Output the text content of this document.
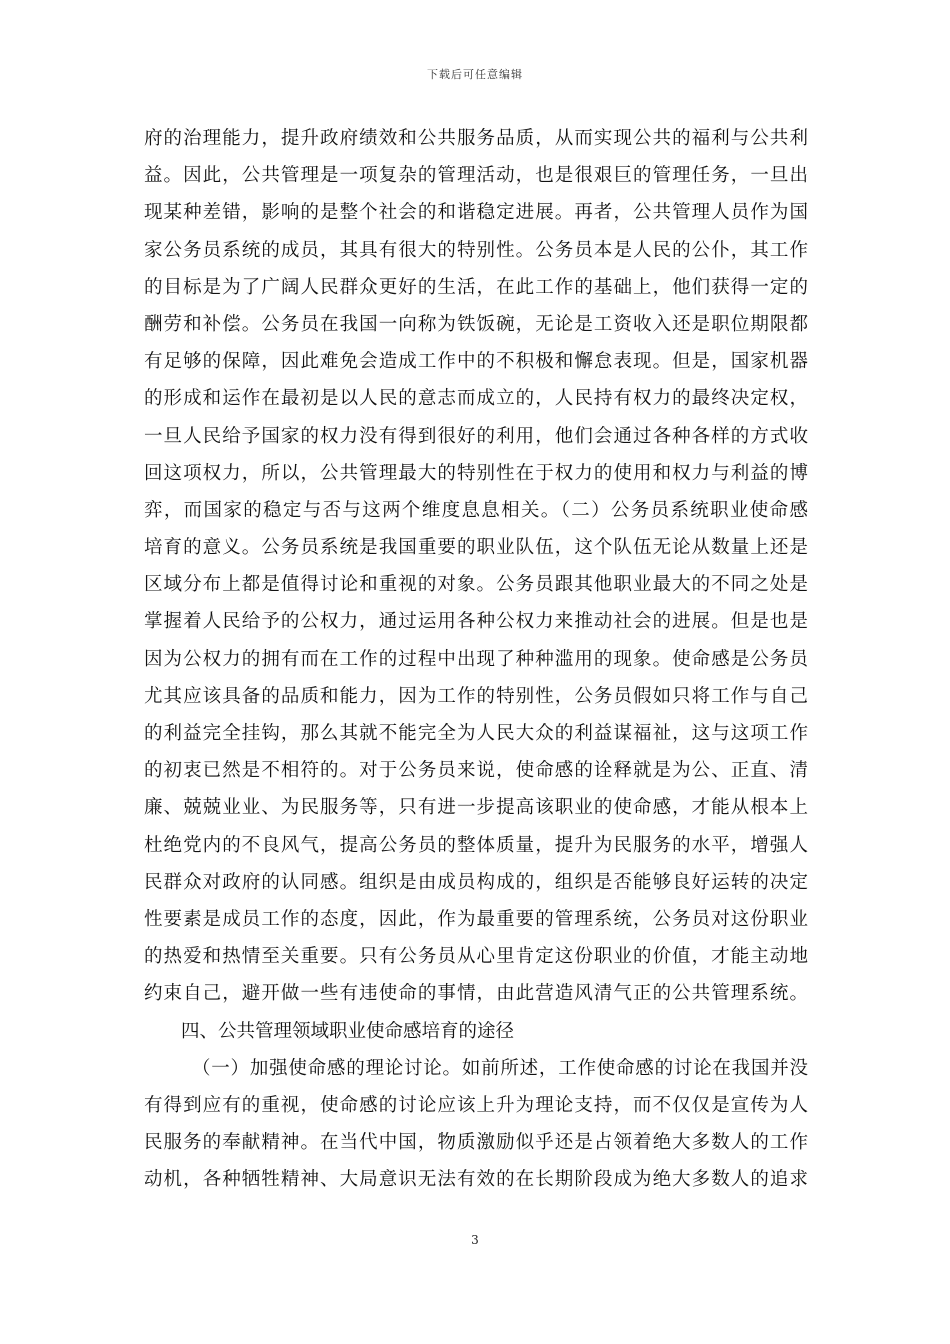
下载后可任意编辑
府的治理能力，提升政府绩效和公共服务品质，从而实现公共的福利与公共利
益。因此，公共管理是一项复杂的管理活动，也是很艰巨的管理任务，一旦出
现某种差错，影响的是整个社会的和谐稳定进展。再者，公共管理人员作为国
家公务员系统的成员，其具有很大的特别性。公务员本是人民的公仆，其工作
的目标是为了广阔人民群众更好的生活，在此工作的基础上，他们获得一定的
酬劳和补偿。公务员在我国一向称为铁饭碗，无论是工资收入还是职位期限都
有足够的保障，因此难免会造成工作中的不积极和懈怠表现。但是，国家机器
的形成和运作在最初是以人民的意志而成立的，人民持有权力的最终决定权，
一旦人民给予国家的权力没有得到很好的利用，他们会通过各种各样的方式收
回这项权力，所以，公共管理最大的特别性在于权力的使用和权力与利益的博
弈，而国家的稳定与否与这两个维度息息相关。（二）公务员系统职业使命感
培育的意义。公务员系统是我国重要的职业队伍，这个队伍无论从数量上还是
区域分布上都是值得讨论和重视的对象。公务员跟其他职业最大的不同之处是
掌握着人民给予的公权力，通过运用各种公权力来推动社会的进展。但是也是
因为公权力的拥有而在工作的过程中出现了种种滥用的现象。使命感是公务员
尤其应该具备的品质和能力，因为工作的特别性，公务员假如只将工作与自己
的利益完全挂钩，那么其就不能完全为人民大众的利益谋福祉，这与这项工作
的初衷已然是不相符的。对于公务员来说，使命感的诠释就是为公、正直、清
廉、兢兢业业、为民服务等，只有进一步提高该职业的使命感，才能从根本上
杜绝党内的不良风气，提高公务员的整体质量，提升为民服务的水平，增强人
民群众对政府的认同感。组织是由成员构成的，组织是否能够良好运转的决定
性要素是成员工作的态度，因此，作为最重要的管理系统，公务员对这份职业
的热爱和热情至关重要。只有公务员从心里肯定这份职业的价值，才能主动地
约束自己，避开做一些有违使命的事情，由此营造风清气正的公共管理系统。
四、公共管理领域职业使命感培育的途径
（一）加强使命感的理论讨论。如前所述，工作使命感的讨论在我国并没
有得到应有的重视，使命感的讨论应该上升为理论支持，而不仅仅是宣传为人
民服务的奉献精神。在当代中国，物质激励似乎还是占领着绝大多数人的工作
动机，各种牺牲精神、大局意识无法有效的在长期阶段成为绝大多数人的追求
3
